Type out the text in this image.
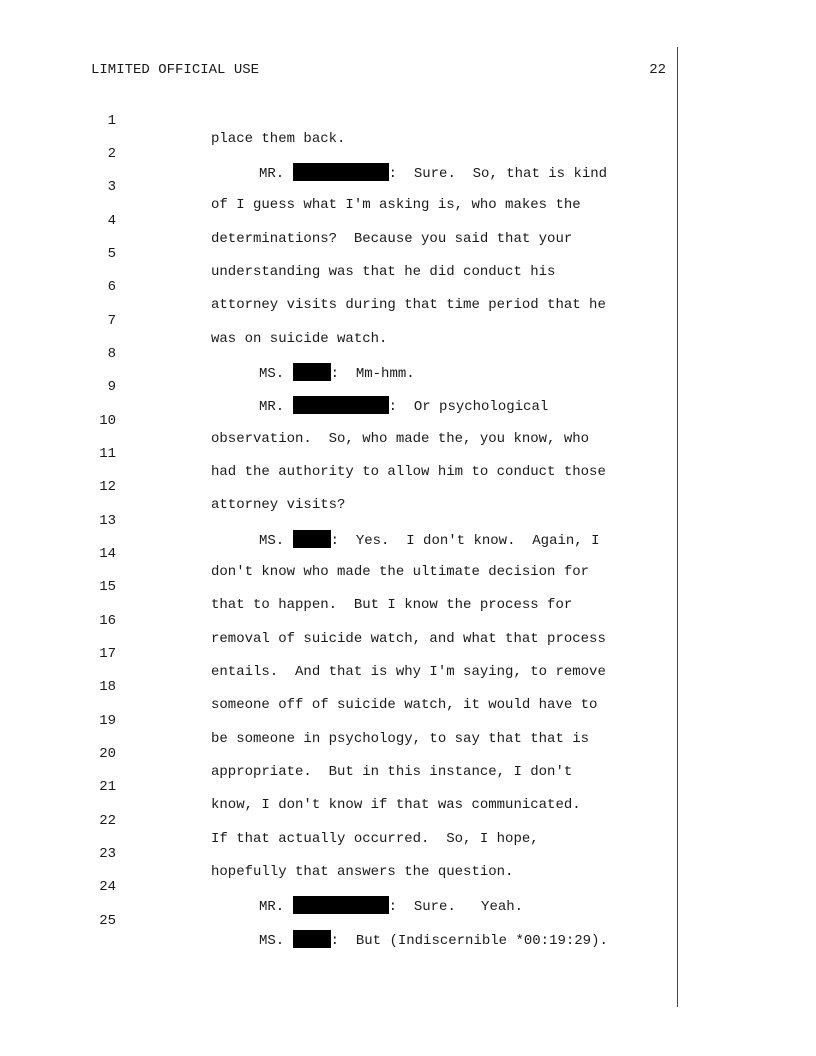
LIMITED OFFICIAL USE	22

1

place them back.

2

MR.	: Sure.  So, that is kind

3

of I guess what I'm asking is, who makes the

4

determinations?  Because you said that your

5

understanding was that he did conduct his

6

attorney visits during that time period that he

7

was on suicide watch.

8

MS.	: Mm-hmm.

9

MR.	: Or psychological

10

observation.  So, who made the, you know, who

11

had the authority to allow him to conduct those

12

attorney visits?

13

MS.	: Yes.  I don't know.  Again, I

14

don't know who made the ultimate decision for

15

that to happen.  But I know the process for

16

removal of suicide watch, and what that process

17

entails.  And that is why I'm saying, to remove

18

someone off of suicide watch, it would have to

19

be someone in psychology, to say that that is

20

appropriate.  But in this instance, I don't

21

know, I don't know if that was communicated.

22

If that actually occurred.  So, I hope,

23

hopefully that answers the question.

24

MR.	: Sure.   Yeah.

25

MS.	: But (Indiscernible *00:19:29).
